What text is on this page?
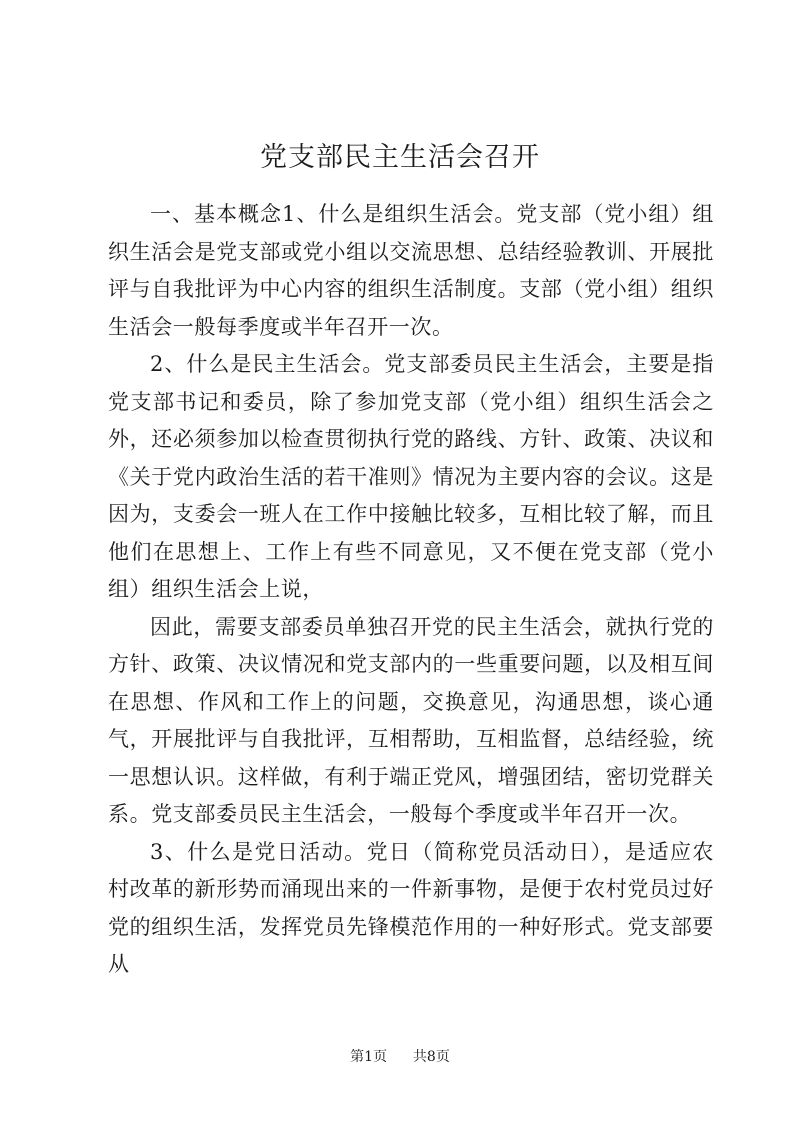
党支部民主生活会召开

一、基本概念1、什么是组织生活会。党支部（党小组）组织生活会是党支部或党小组以交流思想、总结经验教训、开展批评与自我批评为中心内容的组织生活制度。支部（党小组）组织生活会一般每季度或半年召开一次。

2、什么是民主生活会。党支部委员民主生活会，主要是指党支部书记和委员，除了参加党支部（党小组）组织生活会之外，还必须参加以检查贯彻执行党的路线、方针、政策、决议和《关于党内政治生活的若干准则》情况为主要内容的会议。这是因为，支委会一班人在工作中接触比较多，互相比较了解，而且他们在思想上、工作上有些不同意见，又不便在党支部（党小组）组织生活会上说，

因此，需要支部委员单独召开党的民主生活会，就执行党的方针、政策、决议情况和党支部内的一些重要问题，以及相互间在思想、作风和工作上的问题，交换意见，沟通思想，谈心通气，开展批评与自我批评，互相帮助，互相监督，总结经验，统一思想认识。这样做，有利于端正党风，增强团结，密切党群关系。党支部委员民主生活会，一般每个季度或半年召开一次。

3、什么是党日活动。党日（简称党员活动日），是适应农村改革的新形势而涌现出来的一件新事物，是便于农村党员过好党的组织生活，发挥党员先锋模范作用的一种好形式。党支部要从

第1页 共8页
